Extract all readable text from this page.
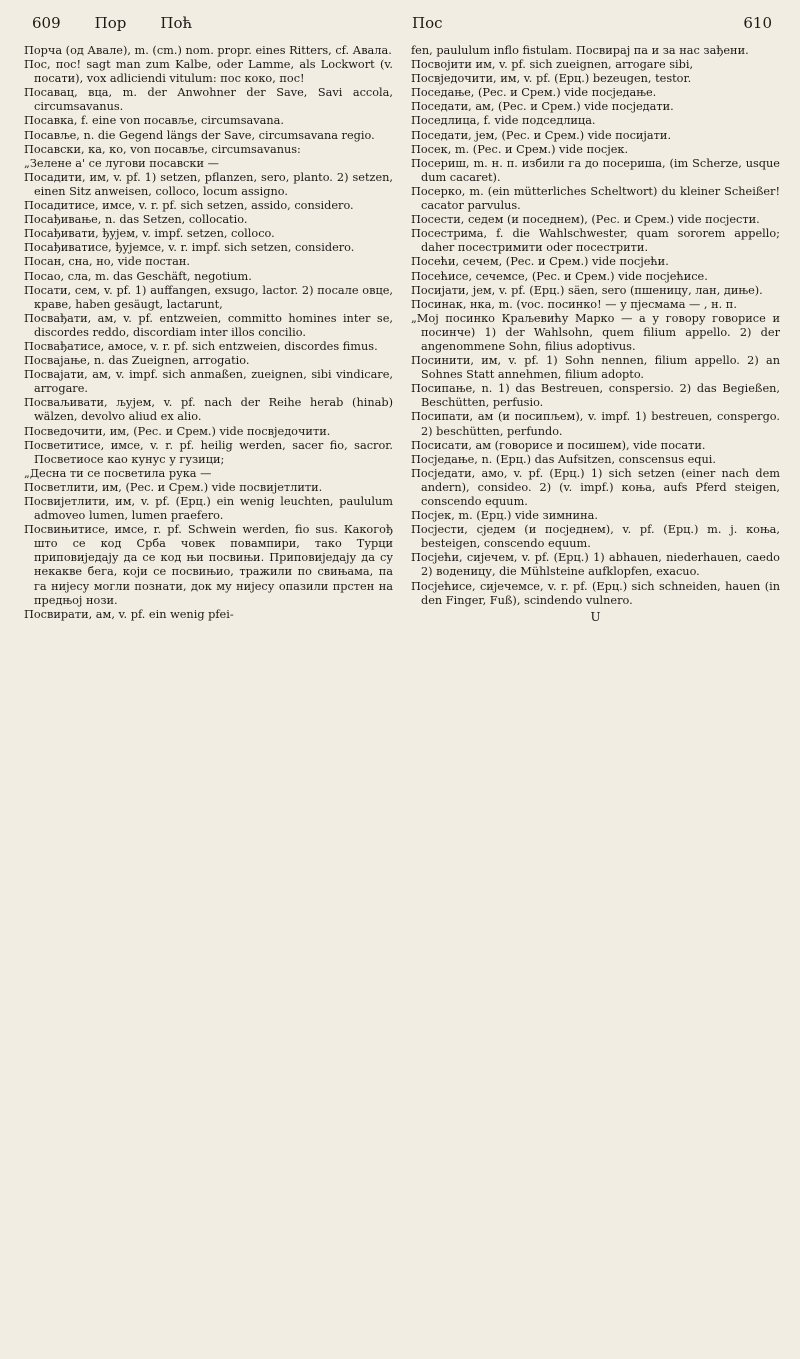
609 Пор Поћ	Пос	610

Порча (од Авале), m. (cm.) nom. propr. eines Ritters, cf. Авала.

Пос, пос! sagt man zum Kalbe, oder Lamme, als Lockwort (v. посати), vox adliciendi vitulum: пос коко, пос!

Посавац, вца, m. der Anwohner der Save, Savi accola, circumsavanus.

Посавка, f. eine von посавље, circumsavana.

Посавље, n. die Gegend längs der Save, circumsavana regio.

Посавски, ка, ко, von посавље, circumsavanus:

„Зелене а' се лугови посавски —

Посадити, им, v. pf. 1) setzen, pflanzen, sero, planto. 2) setzen, einen Sitz anweisen, colloco, locum assigno.

Посадитисе, имсе, v. r. pf. sich setzen, assido, considero.

Посађивање, n. das Setzen, collocatio.

Посађивати, ђујем, v. impf. setzen, colloco.

Посађиватисе, ђујемсе, v. r. impf. sich setzen, considero.

Посан, сна, но, vide постан.

Посао, сла, m. das Geschäft, negotium.

Посати, сем, v. pf. 1) auffangen, exsugo, lactor. 2) посале овце, краве, haben gesäugt, lactarunt,

Посвађати, ам, v. pf. entzweien, committo homines inter se, discordes reddo, discordiam inter illos concilio.

Посвађатисе, амосе, v. r. pf. sich entzweien, discordes fimus.

Посвајање, n. das Zueignen, arrogatio.

Посвајати, ам, v. impf. sich anmaßen, zueignen, sibi vindicare, arrogare.

Посваљивати, љујем, v. pf. nach der Reihe herab (hinab) wälzen, devolvo aliud ex alio.

Посведочити, им, (Рес. и Срем.) vide посвједочити.

Посветитисе, имсе, v. r. pf. heilig werden, sacer fio, sacror. Посветиосе као кунус у гузици;

„Десна ти се посветила рука —

Посветлити, им, (Рес. и Срем.) vide посвијетлити.

Посвијетлити, им, v. pf. (Ерц.) ein wenig leuchten, paululum admoveo lumen, lumen praefero.

Посвињитисе, имсе, r. pf. Schwein werden, fio sus. Какогођ што се код Срба човек повампири, тако Турци приповиједају да се код њи посвињи. Приповиједају да су некакве бега, који се посвињио, тражили по свињама, па га нијесу могли познати, док му нијесу опазили прстен на предњој нози.

Посвирати, ам, v. pf. ein wenig pfei-

fen, paululum inflo fistulam. Посвирај па и за нас зађени.

Посвојити им, v. pf. sich zueignen, arrogare sibi,

Посвједочити, им, v. pf. (Ерц.) bezeugen, testor.

Поседање, (Рес. и Срем.) vide посједање.

Поседати, ам, (Рес. и Срем.) vide посједати.

Поседлица, f. vide подседлица.

Поседати, јем, (Рес. и Срем.) vide посијати.

Посек, m. (Рес. и Срем.) vide посјек.

Посериш, m. н. п. избили га до посериша, (im Scherze, usque dum cacaret).

Посерко, m. (ein mütterliches Scheltwort) du kleiner Scheißer! cacator parvulus.

Посести, седем (и поседнем), (Рес. и Срем.) vide посјести.

Посестрима, f. die Wahlschwester, quam sororem appello; daher посестримити oder посестрити.

Посећи, сечем, (Рес. и Срем.) vide посјећи.

Посећисе, сечемсе, (Рес. и Срем.) vide посјећисе.

Посијати, јем, v. pf. (Ерц.) säen, sero (пшеницу, лан, дињe).

Посинак, нка, m. (voc. посинко! — у пјесмама — , н. п.

„Мој посинко Краљевићу Марко — а у говору говорисе и посинче) 1) der Wahlsohn, quem filium appello. 2) der angenommene Sohn, filius adoptivus.

Посинити, им, v. pf. 1) Sohn nennen, filium appello. 2) an Sohnes Statt annehmen, filium adopto.

Посипање, n. 1) das Bestreuen, conspersio. 2) das Begießen, Beschütten, perfusio.

Посипати, ам (и посипљем), v. impf. 1) bestreuen, conspergo. 2) beschütten, perfundo.

Посисати, ам (говорисе и посишем), vide посати.

Посједање, n. (Ерц.) das Aufsitzen, conscensus equi.

Посједати, амо, v. pf. (Ерц.) 1) sich setzen (einer nach dem andern), consideo. 2) (v. impf.) коња, aufs Pferd steigen, conscendo equum.

Посјек, m. (Ерц.) vide зимнина.

Посјести, сједем (и посједнем), v. pf. (Ерц.) m. ј. коња, besteigen, conscendo equum.

Посјећи, сијечем, v. pf. (Ерц.) 1) abhauen, niederhauen, caedo 2) воденицу, die Mühlsteine aufklopfen, exacuo.

Посјећисе, сијечемсе, v. r. pf. (Ерц.) sich schneiden, hauen (in den Finger, Fuß), scindendo vulnero.

U
